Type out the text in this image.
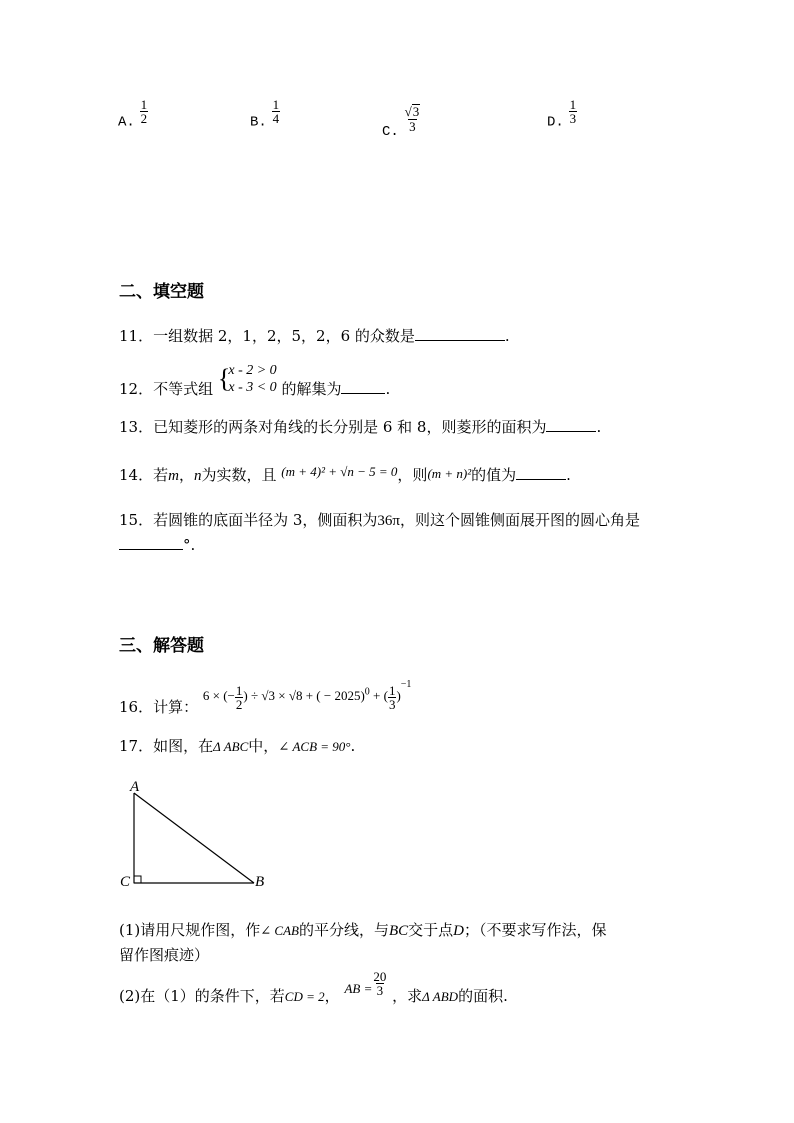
A. $\frac{1}{2}$	B. $\frac{1}{4}$
C. $\frac{√3}{3}$	D. $\frac{1}{3}$
二、填空题
11．一组数据 2，1，2，5，2，6 的众数是	.
12．不等式组 {
x - 2 > 0
x - 3 < 0 的解集为	.
13．已知菱形的两条对角线的长分别是 6 和 8，则菱形的面积为	.
14．若m，n为实数，且 (m + 4)² + √n − 5 = 0，则(m + n)²的值为	.
15．若圆锥的底面半径为 3，侧面积为36π，则这个圆锥侧面展开图的圆心角是
°.
三、解答题
16．计算： 6 × (− $\frac{1}{2}$ ) ÷ √3 × √8 + ( − 2025)$^0$ + ( $\frac{1}{3} )^{-1}$
17．如图，在Δ ABC中，∠ ACB = 90°.
A
B
C
(1)请用尺规作图，作∠ CAB的平分线，与BC交于点D；（不要求写作法，保
留作图痕迹）
(2)在（1）的条件下，若CD = 2， AB = $\frac{20}{3}$ ，求Δ ABD的面积.
